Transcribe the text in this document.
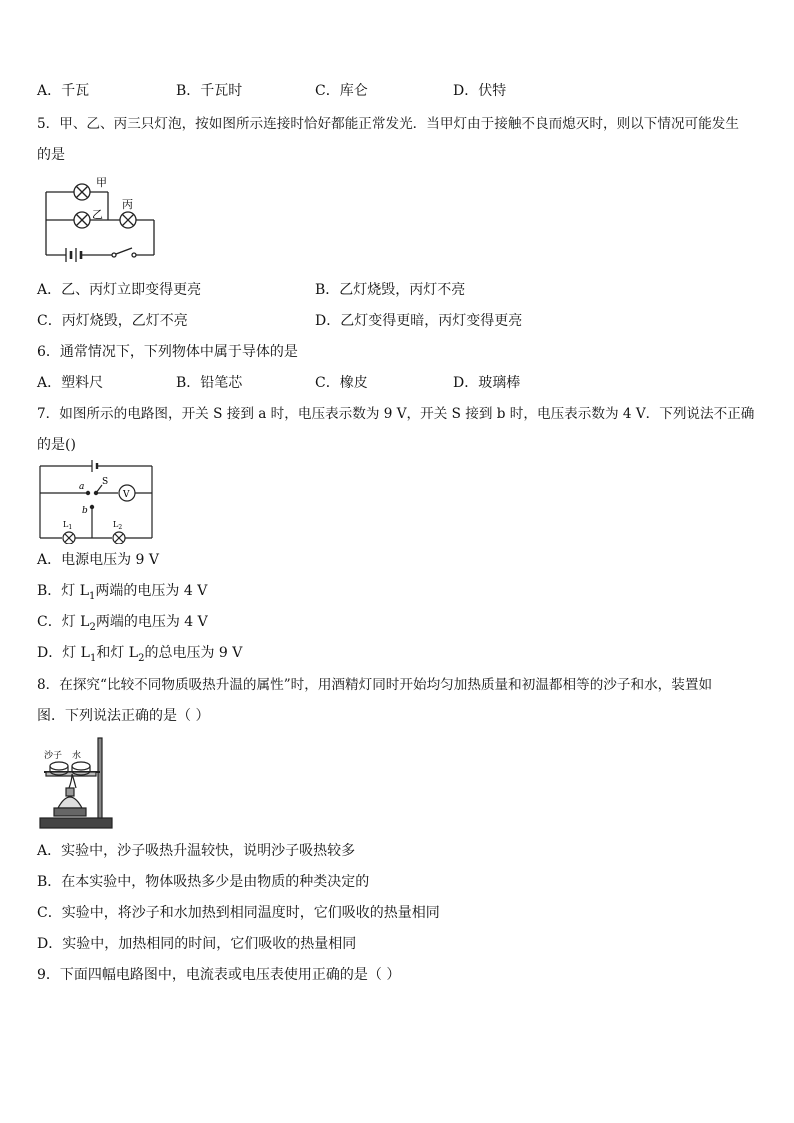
A．千瓦	B．千瓦时	C．库仑	D．伏特
5．甲、乙、丙三只灯泡，按如图所示连接时恰好都能正常发光．当甲灯由于接触不良而熄灭时，则以下情况可能发生
的是
甲
乙
丙
A．乙、丙灯立即变得更亮	B．乙灯烧毁，丙灯不亮
C．丙灯烧毁，乙灯不亮	D．乙灯变得更暗，丙灯变得更亮
6．通常情况下，下列物体中属于导体的是
A．塑料尺	B．铅笔芯	C．橡皮	D．玻璃棒
7．如图所示的电路图，开关 S 接到 a 时，电压表示数为 9 V，开关 S 接到 b 时，电压表示数为 4 V．下列说法不正确
的是()
a S
V
b
$L_1$	$L_2$
A．电源电压为 9 V
B．灯 $L_1$两端的电压为 4 V
C．灯 $L_2$两端的电压为 4 V
D．灯 $L_1$和灯 $L_2$的总电压为 9 V
8．在探究“比较不同物质吸热升温的属性”时，用酒精灯同时开始均匀加热质量和初温都相等的沙子和水，装置如
图．下列说法正确的是（ ）
沙子 水
A．实验中，沙子吸热升温较快，说明沙子吸热较多
B．在本实验中，物体吸热多少是由物质的种类决定的
C．实验中，将沙子和水加热到相同温度时，它们吸收的热量相同
D．实验中，加热相同的时间，它们吸收的热量相同
9．下面四幅电路图中，电流表或电压表使用正确的是（ ）
